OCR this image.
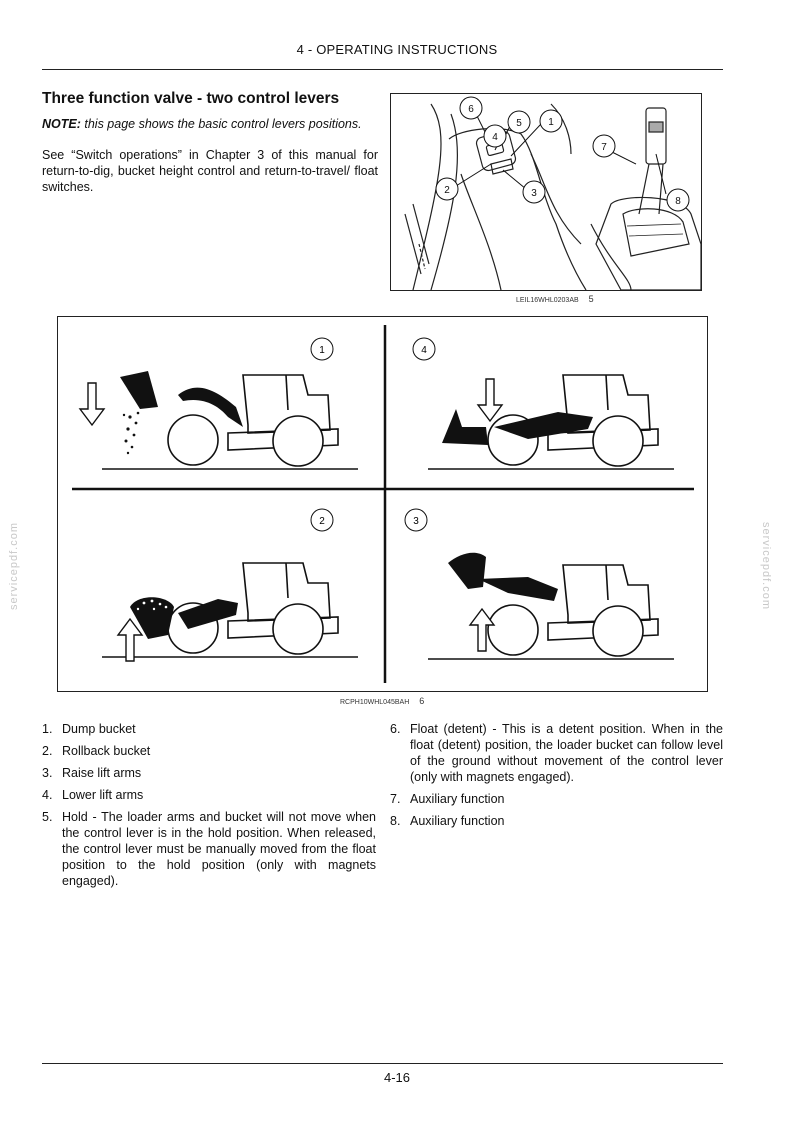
4 - OPERATING INSTRUCTIONS
Three function valve - two control levers
NOTE: this page shows the basic control levers positions.
See “Switch operations” in Chapter 3 of this manual for return-to-dig, bucket height control and return-to-travel/ float switches.
6
4
5	1
7
2	3
8
LEIL16WHL0203AB 5
1	4
2	3
RCPH10WHL045BAH 6
1. Dump bucket
2. Rollback bucket
3. Raise lift arms
4. Lower lift arms
5. Hold - The loader arms and bucket will not move when the control lever is in the hold position. When released, the control lever must be manually moved from the float position to the hold position (only with magnets engaged).
6. Float (detent) - This is a detent position. When in the float (detent) position, the loader bucket can follow level of the ground without movement of the control lever (only with magnets engaged).
7. Auxiliary function
8. Auxiliary function
servicepdf.com	servicepdf.com
4-16
